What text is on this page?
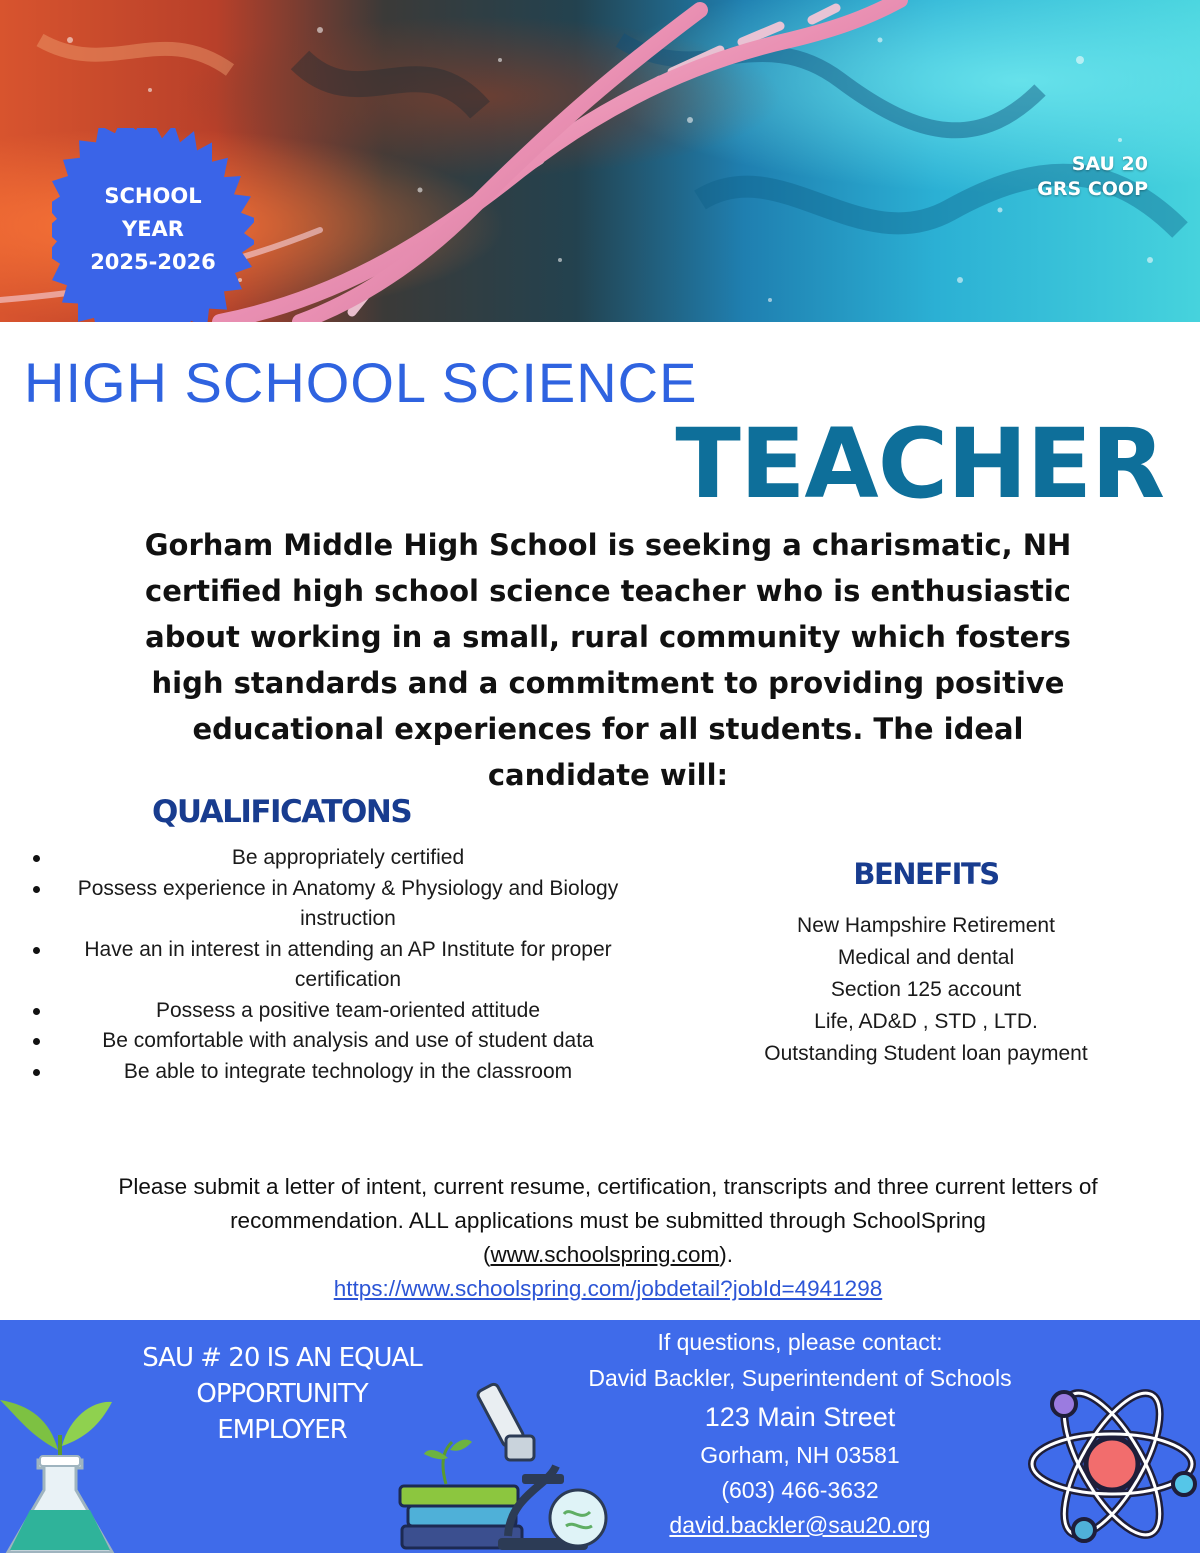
SCHOOL
YEAR
2025-2026
SAU 20
GRS COOP
HIGH SCHOOL SCIENCE
TEACHER

Gorham Middle High School is seeking a charismatic, NH certified high school science teacher who is enthusiastic about working in a small, rural community which fosters high standards and a commitment to providing positive educational experiences for all students. The ideal candidate will:

QUALIFICATONS
Be appropriately certified
Possess experience in Anatomy & Physiology and Biology instruction
Have an in interest in attending an AP Institute for proper certification
Possess a positive team-oriented attitude
Be comfortable with analysis and use of student data
Be able to integrate technology in the classroom
BENEFITS
New Hampshire Retirement
Medical and dental
Section 125 account
Life, AD&D , STD , LTD.
Outstanding Student loan payment

Please submit a letter of intent, current resume, certification, transcripts and three current letters of recommendation. ALL applications must be submitted through SchoolSpring
(www.schoolspring.com).
https://www.schoolspring.com/jobdetail?jobId=4941298

SAU # 20 IS AN EQUAL
OPPORTUNITY
EMPLOYER
If questions, please contact:
David Backler, Superintendent of Schools
123 Main Street
Gorham, NH 03581
(603) 466-3632
david.backler@sau20.org
